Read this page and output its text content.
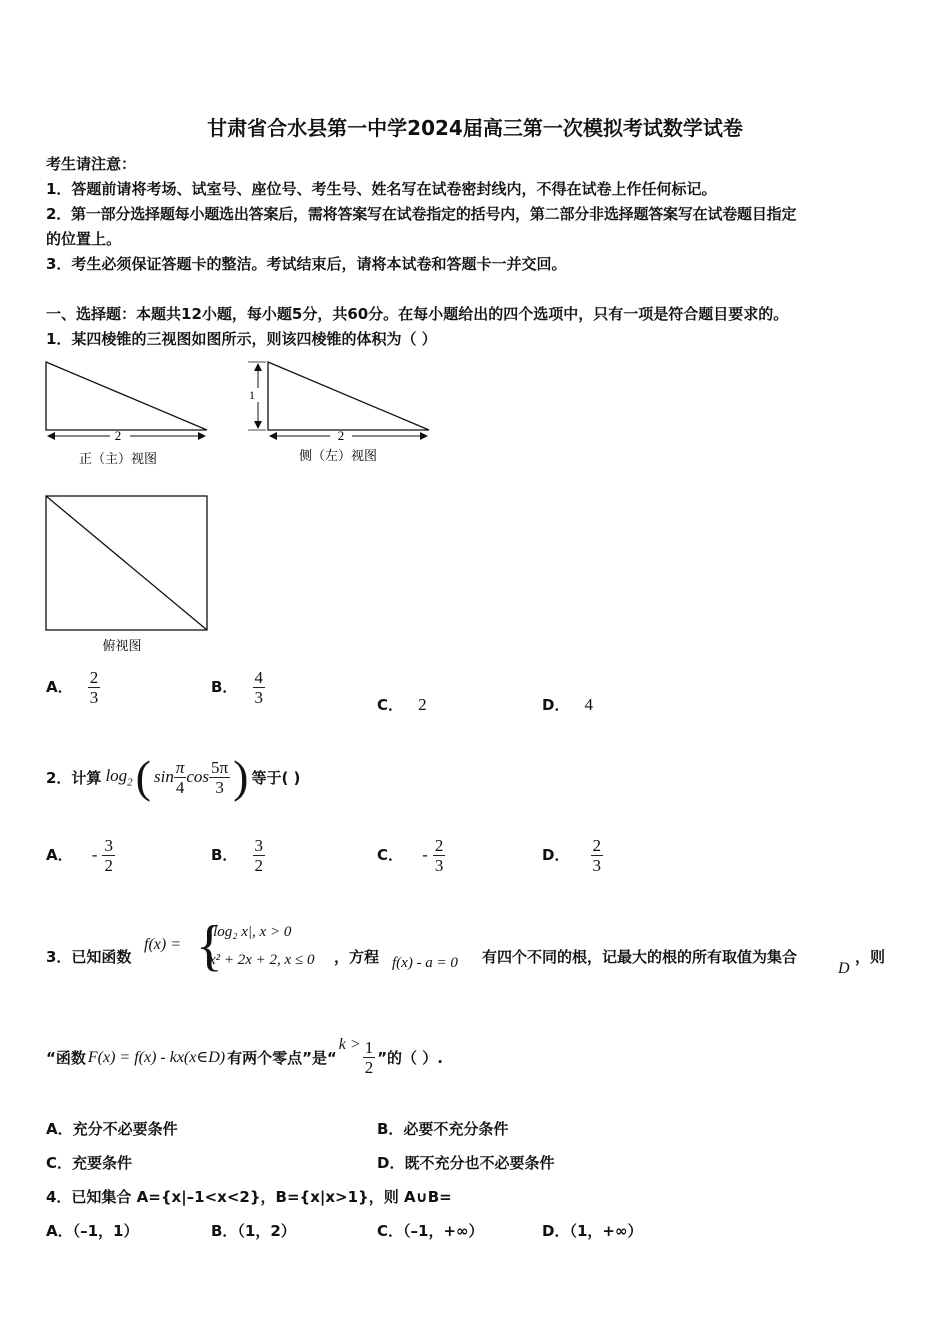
甘肃省合水县第一中学2024届高三第一次模拟考试数学试卷
考生请注意：
1．答题前请将考场、试室号、座位号、考生号、姓名写在试卷密封线内，不得在试卷上作任何标记。
2．第一部分选择题每小题选出答案后，需将答案写在试卷指定的括号内，第二部分非选择题答案写在试卷题目指定
的位置上。
3．考生必须保证答题卡的整洁。考试结束后，请将本试卷和答题卡一并交回。
一、选择题：本题共12小题，每小题5分，共60分。在每小题给出的四个选项中，只有一项是符合题目要求的。
1．某四棱锥的三视图如图所示，则该四棱锥的体积为（ ）
2
正（主）视图
1
2
侧（左）视图
俯视图
A． $\frac{2}{3}$	B． $\frac{4}{3}$	C． 2	D． 4
2．计算 $\log_2$ ( $\sin \frac{\pi}{4}$ $\cos \frac{5\pi}{3}$ ) 等于( )
A． - $\frac{3}{2}$	B． $\frac{3}{2}$	C． - $\frac{2}{3}$	D． $\frac{2}{3}$
3．已知函数
f(x) = {
|log₂ x|, x > 0
x² + 2x + 2, x ≤ 0 ，方程 f(x) - a = 0 有四个不同的根，记最大的根的所有取值为集合
D
，则
“函数 F(x) = f(x) - kx(x∈D) 有两个零点”是“
$k > \frac{1}{2}$ ”的（ ）.
A．充分不必要条件	B．必要不充分条件
C．充要条件	D．既不充分也不必要条件
4．已知集合 A={x|–1<x<2}，B={x|x>1}，则 A∪B=
A．（–1，1）	B．（1，2）	C．（–1，+∞）	D．（1，+∞）
